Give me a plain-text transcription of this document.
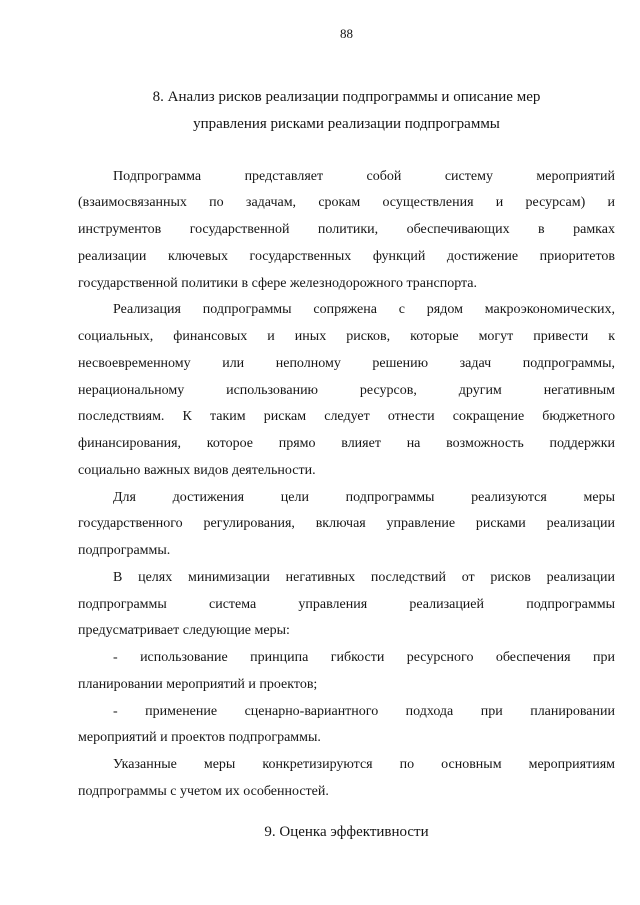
88
8. Анализ рисков реализации подпрограммы и описание мер
управления рисками реализации подпрограммы
Подпрограмма представляет собой систему мероприятий
(взаимосвязанных по задачам, срокам осуществления и ресурсам) и
инструментов государственной политики, обеспечивающих в рамках
реализации ключевых государственных функций достижение приоритетов
государственной политики в сфере железнодорожного транспорта.
Реализация подпрограммы сопряжена с рядом макроэкономических,
социальных, финансовых и иных рисков, которые могут привести к
несвоевременному или неполному решению задач подпрограммы,
нерациональному использованию ресурсов, другим негативным
последствиям. К таким рискам следует отнести сокращение бюджетного
финансирования, которое прямо влияет на возможность поддержки
социально важных видов деятельности.
Для достижения цели подпрограммы реализуются меры
государственного регулирования, включая управление рисками реализации
подпрограммы.
В целях минимизации негативных последствий от рисков реализации
подпрограммы система управления реализацией подпрограммы
предусматривает следующие меры:
- использование принципа гибкости ресурсного обеспечения при
планировании мероприятий и проектов;
- применение сценарно-вариантного подхода при планировании
мероприятий и проектов подпрограммы.
Указанные меры конкретизируются по основным мероприятиям
подпрограммы с учетом их особенностей.
9. Оценка эффективности
